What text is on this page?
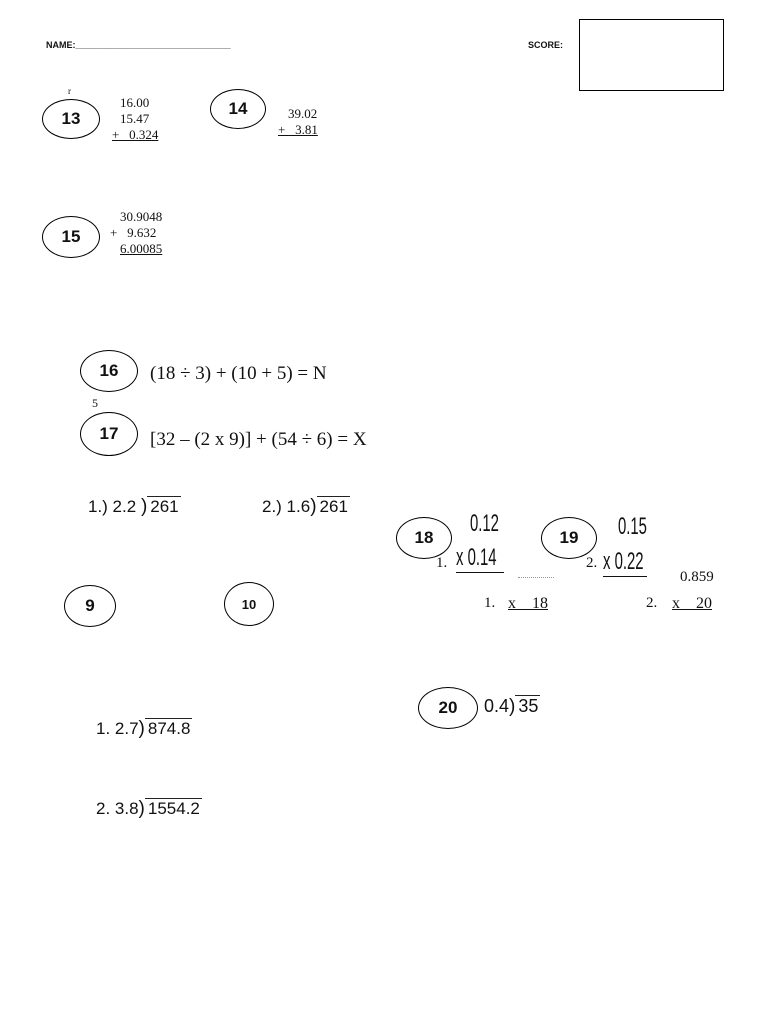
NAME:_______________________________	SCORE:
13
r
16.00
15.47
+   0.324
14	39.02
+   3.81
15
30.9048
+   9.632
6.00085
16	(18 ÷ 3) + (10 + 5) = N
5
17	[32 – (2 x 9)] + (54 ÷ 6) = X
1.) 2.2 ) 261	2.) 1.6) 261
18
0.12
1. x 0.14
19	0.15
2. x 0.22
0.859
1. x    18	2. x    20
9	10
20	0.4) 35
1. 2.7) 874.8
2. 3.8) 1554.2
